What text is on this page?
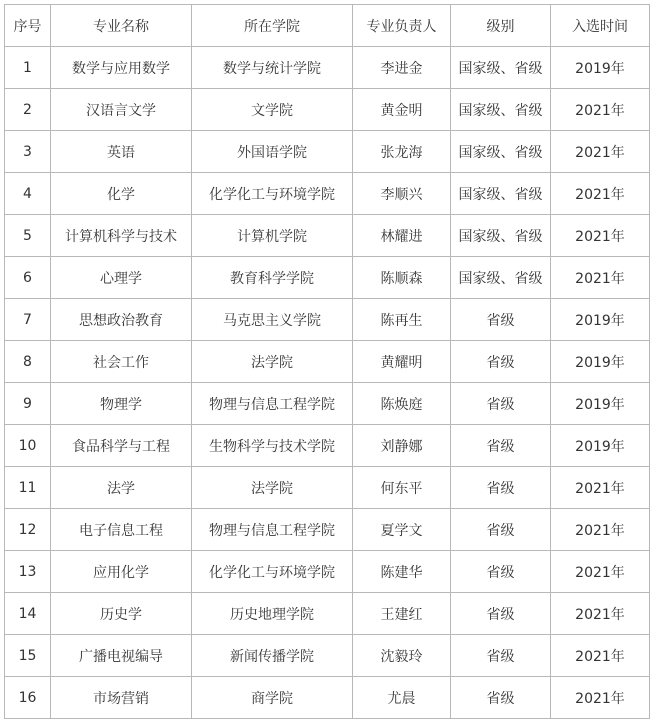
序号	专业名称	所在学院	专业负责人	级别	入选时间
1	数学与应用数学	数学与统计学院	李进金	国家级、省级	2019年
2	汉语言文学	文学院	黄金明	国家级、省级	2021年
3	英语	外国语学院	张龙海	国家级、省级	2021年
4	化学	化学化工与环境学院	李顺兴	国家级、省级	2021年
5	计算机科学与技术	计算机学院	林耀进	国家级、省级	2021年
6	心理学	教育科学学院	陈顺森	国家级、省级	2021年
7	思想政治教育	马克思主义学院	陈再生	省级	2019年
8	社会工作	法学院	黄耀明	省级	2019年
9	物理学	物理与信息工程学院	陈焕庭	省级	2019年
10	食品科学与工程	生物科学与技术学院	刘静娜	省级	2019年
11	法学	法学院	何东平	省级	2021年
12	电子信息工程	物理与信息工程学院	夏学文	省级	2021年
13	应用化学	化学化工与环境学院	陈建华	省级	2021年
14	历史学	历史地理学院	王建红	省级	2021年
15	广播电视编导	新闻传播学院	沈毅玲	省级	2021年
16	市场营销	商学院	尤晨	省级	2021年
